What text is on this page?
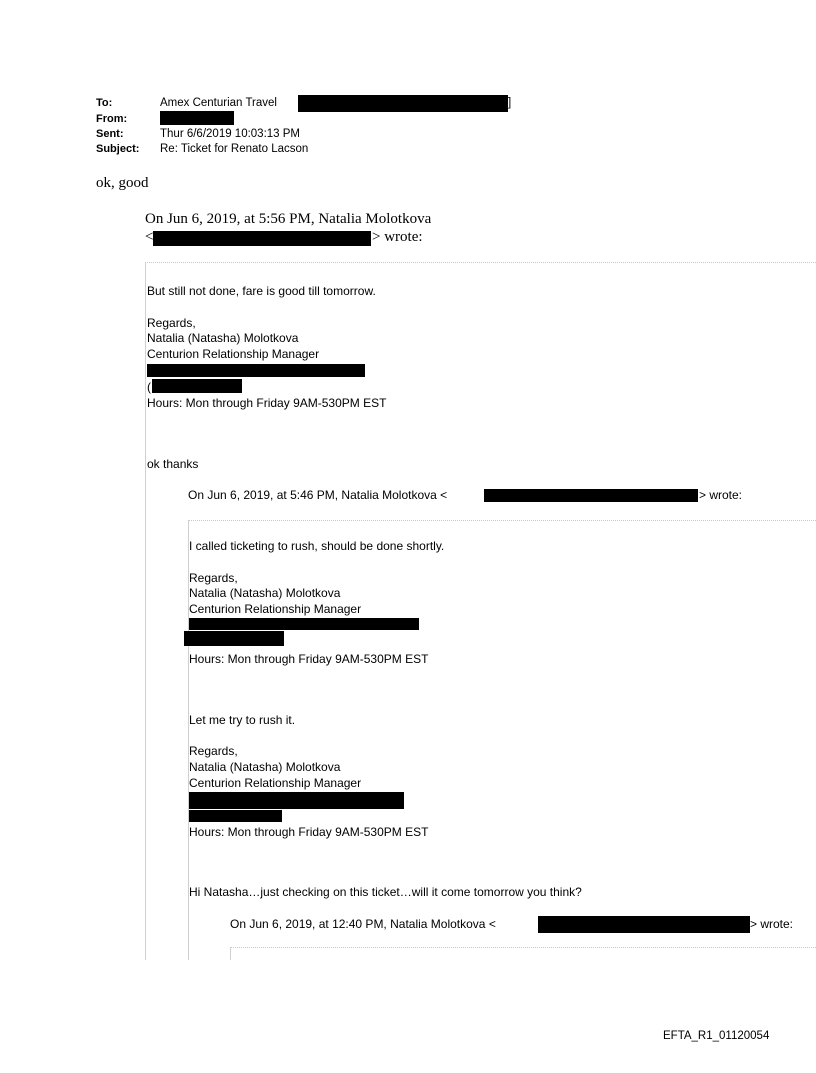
To:	Amex Centurian Travel	]
From:
Sent:	Thur 6/6/2019 10:03:13 PM
Subject: Re: Ticket for Renato Lacson
ok, good
On Jun 6, 2019, at 5:56 PM, Natalia Molotkova
<	> wrote:
But still not done, fare is good till tomorrow.
Regards,
Natalia (Natasha) Molotkova
Centurion Relationship Manager
(
Hours: Mon through Friday 9AM-530PM EST
ok thanks
On Jun 6, 2019, at 5:46 PM, Natalia Molotkova <	> wrote:
I called ticketing to rush, should be done shortly.
Regards,
Natalia (Natasha) Molotkova
Centurion Relationship Manager
Hours: Mon through Friday 9AM-530PM EST
Let me try to rush it.
Regards,
Natalia (Natasha) Molotkova
Centurion Relationship Manager
Hours: Mon through Friday 9AM-530PM EST
Hi Natasha…just checking on this ticket…will it come tomorrow you think?
On Jun 6, 2019, at 12:40 PM, Natalia Molotkova <	> wrote:
EFTA_R1_01120054
